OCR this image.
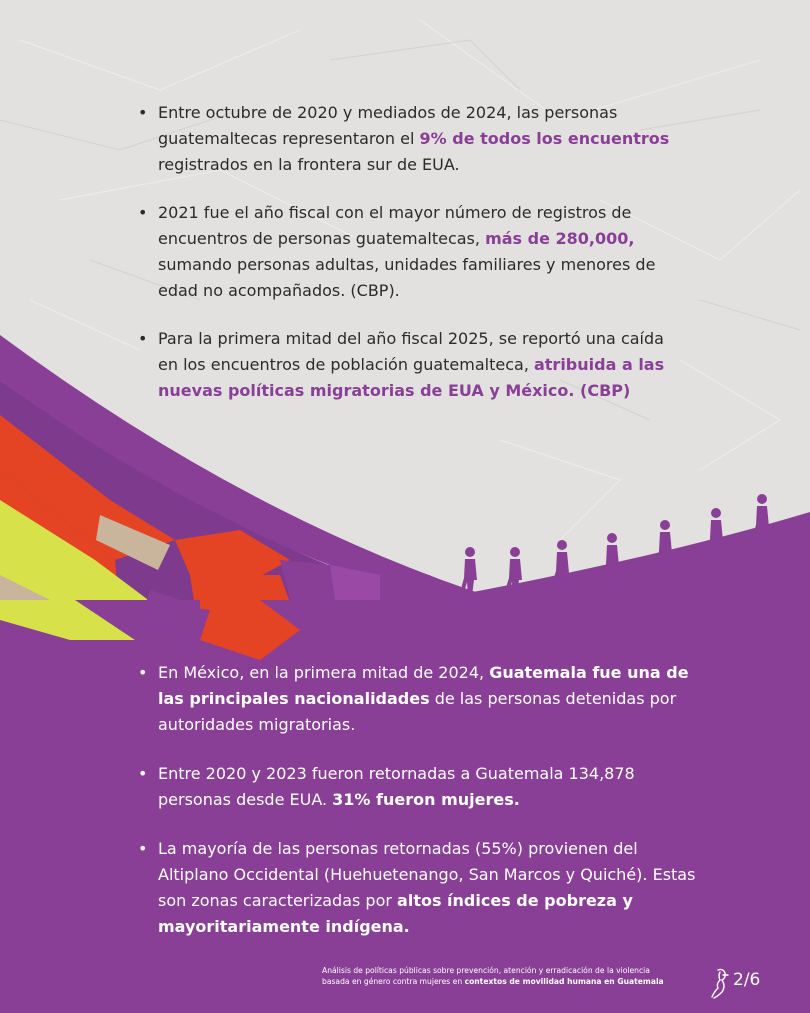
• Entre octubre de 2020 y mediados de 2024, las personas guatemaltecas representaron el 9% de todos los encuentros registrados en la frontera sur de EUA.
• 2021 fue el año fiscal con el mayor número de registros de encuentros de personas guatemaltecas, más de 280,000, sumando personas adultas, unidades familiares y menores de edad no acompañados. (CBP).
• Para la primera mitad del año fiscal 2025, se reportó una caída en los encuentros de población guatemalteca, atribuida a las nuevas políticas migratorias de EUA y México. (CBP)
• En México, en la primera mitad de 2024, Guatemala fue una de las principales nacionalidades de las personas detenidas por autoridades migratorias.
• Entre 2020 y 2023 fueron retornadas a Guatemala 134,878 personas desde EUA. 31% fueron mujeres.
• La mayoría de las personas retornadas (55%) provienen del Altiplano Occidental (Huehuetenango, San Marcos y Quiché). Estas son zonas caracterizadas por altos índices de pobreza y mayoritariamente indígena.
Análisis de políticas públicas sobre prevención, atención y erradicación de la violencia
basada en género contra mujeres en contextos de movilidad humana en Guatemala	2/6
